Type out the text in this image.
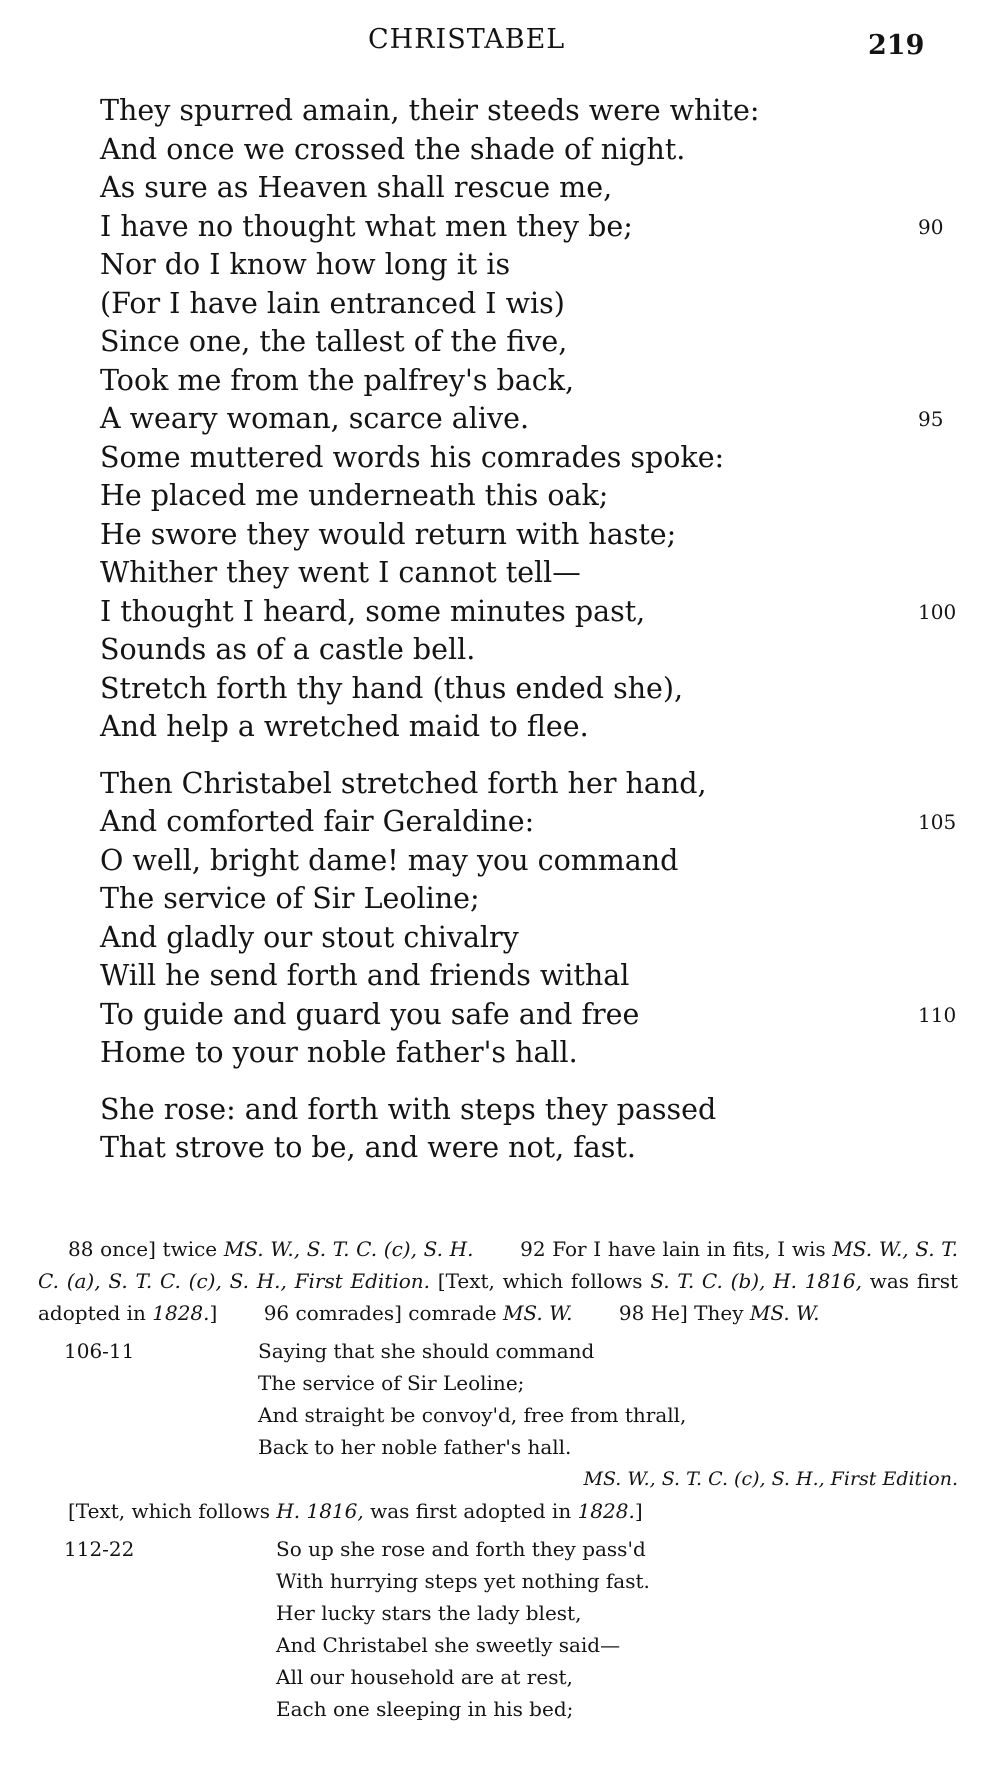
CHRISTABEL	219
They spurred amain, their steeds were white:
And once we crossed the shade of night.
As sure as Heaven shall rescue me,
I have no thought what men they be;	90
Nor do I know how long it is
(For I have lain entranced I wis)
Since one, the tallest of the five,
Took me from the palfrey's back,
A weary woman, scarce alive.	95
Some muttered words his comrades spoke:
He placed me underneath this oak;
He swore they would return with haste;
Whither they went I cannot tell—
I thought I heard, some minutes past,	100
Sounds as of a castle bell.
Stretch forth thy hand (thus ended she),
And help a wretched maid to flee.
Then Christabel stretched forth her hand,
And comforted fair Geraldine:	105
O well, bright dame! may you command
The service of Sir Leoline;
And gladly our stout chivalry
Will he send forth and friends withal
To guide and guard you safe and free	110
Home to your noble father's hall.
She rose: and forth with steps they passed
That strove to be, and were not, fast.

88 once] twice MS. W., S. T. C. (c), S. H. 92 For I have lain in fits, I wis MS. W., S. T. C. (a), S. T. C. (c), S. H., First Edition. [Text, which follows S. T. C. (b), H. 1816, was first adopted in 1828.] 96 comrades] comrade MS. W. 98 He] They MS. W.

106-11	Saying that she should command
The service of Sir Leoline;
And straight be convoy'd, free from thrall,
Back to her noble father's hall.
MS. W., S. T. C. (c), S. H., First Edition.
[Text, which follows H. 1816, was first adopted in 1828.]
112-22	So up she rose and forth they pass'd
With hurrying steps yet nothing fast.
Her lucky stars the lady blest,
And Christabel she sweetly said—
All our household are at rest,
Each one sleeping in his bed;
